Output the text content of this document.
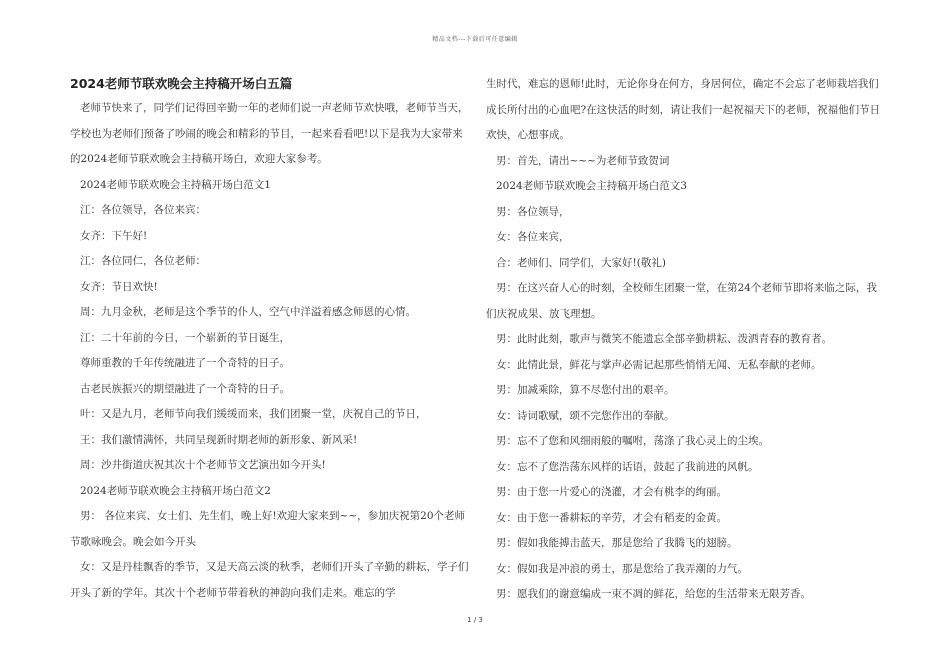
精品文档---下载后可任意编辑
2024老师节联欢晚会主持稿开场白五篇

老师节快来了，同学们记得回辛勤一年的老师们说一声老师节欢快哦，老师节当天，学校也为老师们预备了吵闹的晚会和精彩的节目，一起来看看吧!以下是我为大家带来的2024老师节联欢晚会主持稿开场白，欢迎大家参考。

2024老师节联欢晚会主持稿开场白范文1

江：各位领导，各位来宾：

女齐：下午好!

江：各位同仁，各位老师：

女齐：节日欢快!

周：九月金秋，老师是这个季节的仆人，空气中洋溢着感念师恩的心情。

江：二十年前的今日，一个崭新的节日诞生，

尊师重教的千年传统融进了一个奇特的日子。

古老民族振兴的期望融进了一个奇特的日子。

叶：又是九月，老师节向我们缓缓而来，我们团聚一堂，庆祝自己的节日，

王：我们激情满怀，共同呈现新时期老师的新形象、新风采!

周：沙井街道庆祝其次十个老师节文艺演出如今开头!

2024老师节联欢晚会主持稿开场白范文2

男： 各位来宾、女士们、先生们，晚上好!欢迎大家来到~~，参加庆祝第20个老师节歌咏晚会。晚会如今开头

女：又是丹桂飘香的季节，又是天高云淡的秋季，老师们开头了辛勤的耕耘，学子们开头了新的学年。其次十个老师节带着秋的神韵向我们走来。难忘的学

生时代，难忘的恩师!此时，无论你身在何方，身居何位，确定不会忘了老师栽培我们成长所付出的心血吧?在这快活的时刻，请让我们一起祝福天下的老师，祝福他们节日欢快，心想事成。

男：首先，请出~~~为老师节致贺词

2024老师节联欢晚会主持稿开场白范文3

男：各位领导，

女：各位来宾，

合：老师们、同学们，大家好!(敬礼)

男：在这兴奋人心的时刻，全校师生团聚一堂，在第24个老师节即将来临之际，我们庆祝成果、放飞理想。

男：此时此刻，歌声与微笑不能遗忘全部辛勤耕耘、泼洒青春的教育者。

女：此情此景，鲜花与掌声必需记起那些悄悄无闻、无私奉献的老师。

男：加减乘除，算不尽您付出的艰辛。

女：诗词歌赋，颂不完您作出的奉献。

男：忘不了您和风细雨般的嘱咐，荡涤了我心灵上的尘埃。

女：忘不了您浩荡东风样的话语，鼓起了我前进的风帆。

男：由于您一片爱心的浇灌，才会有桃李的绚丽。

女：由于您一番耕耘的辛劳，才会有稻麦的金黄。

男：假如我能搏击蓝天，那是您给了我腾飞的翅膀。

女：假如我是冲浪的勇士，那是您给了我弄潮的力气。

男：愿我们的谢意编成一束不凋的鲜花，给您的生活带来无限芳香。

1 / 3
